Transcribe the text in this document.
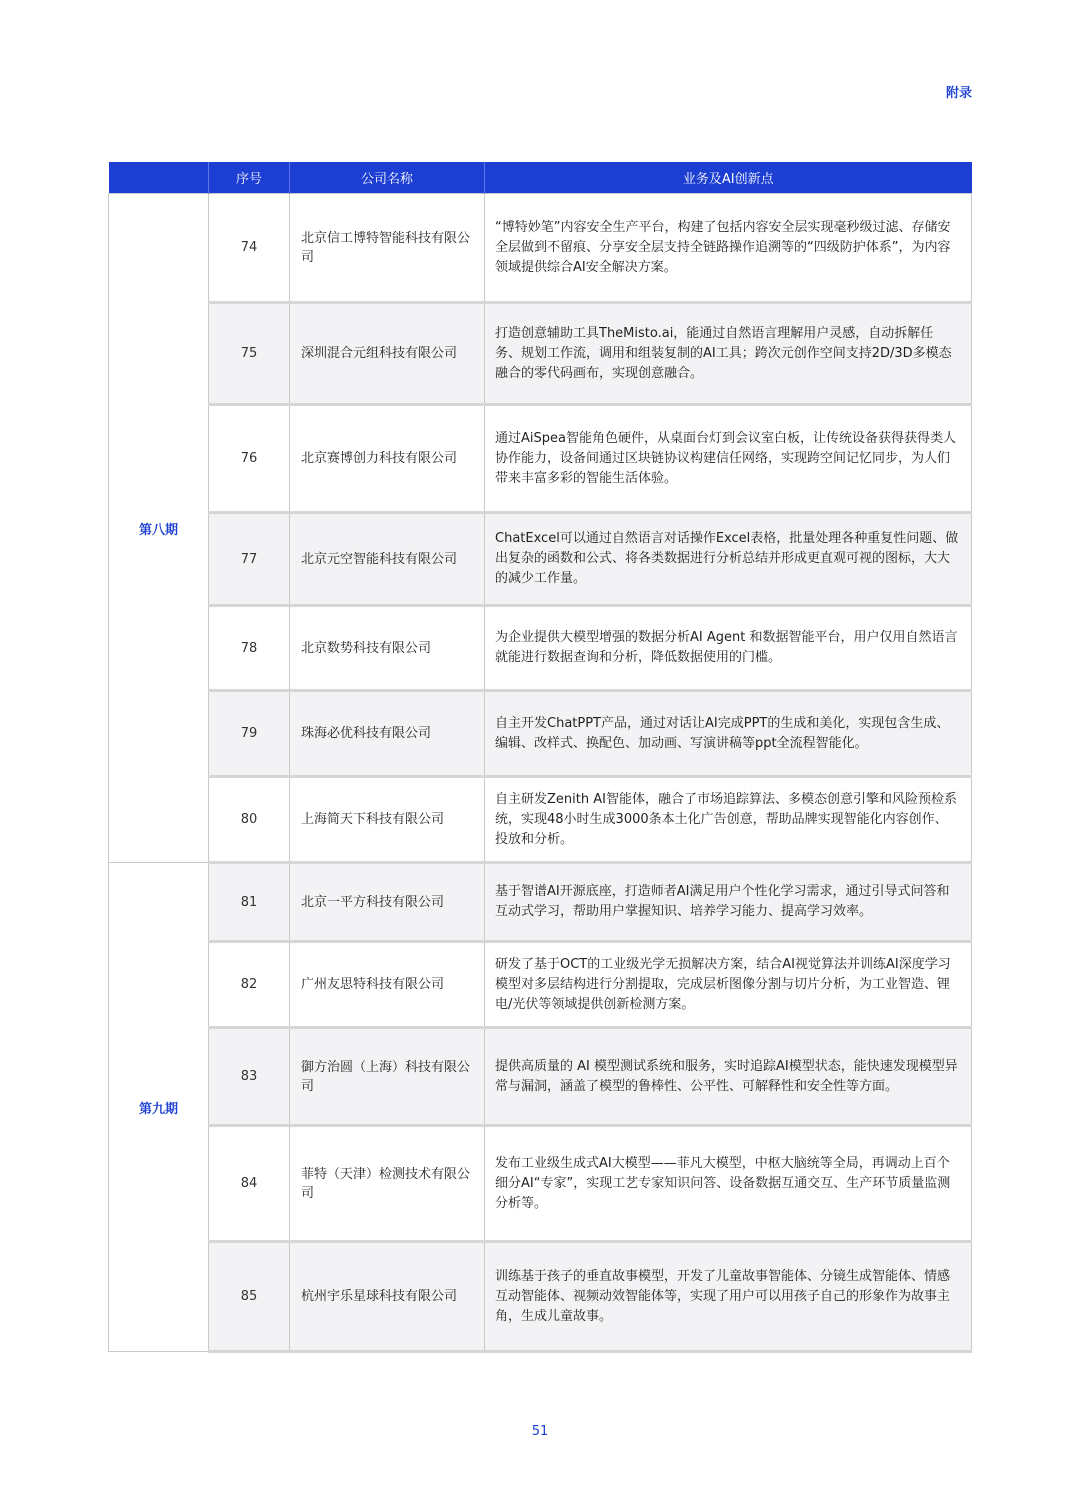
附录
	序号	公司名称	业务及AI创新点
第八期	74	北京信工博特智能科技有限公司	“博特妙笔”内容安全生产平台，构建了包括内容安全层实现毫秒级过滤、存储安全层做到不留痕、分享安全层支持全链路操作追溯等的“四级防护体系”，为内容领域提供综合AI安全解决方案。
	75	深圳混合元组科技有限公司	打造创意辅助工具TheMisto.ai，能通过自然语言理解用户灵感，自动拆解任务、规划工作流，调用和组装复制的AI工具；跨次元创作空间支持2D/3D多模态融合的零代码画布，实现创意融合。
	76	北京赛博创力科技有限公司	通过AiSpea智能角色硬件，从桌面台灯到会议室白板，让传统设备获得获得类人协作能力，设备间通过区块链协议构建信任网络，实现跨空间记忆同步，为人们带来丰富多彩的智能生活体验。
	77	北京元空智能科技有限公司	ChatExcel可以通过自然语言对话操作Excel表格，批量处理各种重复性问题、做出复杂的函数和公式、将各类数据进行分析总结并形成更直观可视的图标，大大的减少工作量。
	78	北京数势科技有限公司	为企业提供大模型增强的数据分析AI Agent 和数据智能平台，用户仅用自然语言就能进行数据查询和分析，降低数据使用的门槛。
	79	珠海必优科技有限公司	自主开发ChatPPT产品，通过对话让AI完成PPT的生成和美化，实现包含生成、编辑、改样式、换配色、加动画、写演讲稿等ppt全流程智能化。
	80	上海简天下科技有限公司	自主研发Zenith AI智能体，融合了市场追踪算法、多模态创意引擎和风险预检系统，实现48小时生成3000条本土化广告创意，帮助品牌实现智能化内容创作、投放和分析。
第九期	81	北京一平方科技有限公司	基于智谱AI开源底座，打造师者AI满足用户个性化学习需求，通过引导式问答和互动式学习，帮助用户掌握知识、培养学习能力、提高学习效率。
	82	广州友思特科技有限公司	研发了基于OCT的工业级光学无损解决方案，结合AI视觉算法并训练AI深度学习模型对多层结构进行分割提取，完成层析图像分割与切片分析，为工业智造、锂电/光伏等领域提供创新检测方案。
	83	御方治圆（上海）科技有限公司	提供高质量的 AI 模型测试系统和服务，实时追踪AI模型状态，能快速发现模型异常与漏洞，涵盖了模型的鲁棒性、公平性、可解释性和安全性等方面。
	84	菲特（天津）检测技术有限公司	发布工业级生成式AI大模型——菲凡大模型，中枢大脑统等全局，再调动上百个细分AI“专家”，实现工艺专家知识问答、设备数据互通交互、生产环节质量监测分析等。
	85	杭州宇乐星球科技有限公司	训练基于孩子的垂直故事模型，开发了儿童故事智能体、分镜生成智能体、情感互动智能体、视频动效智能体等，实现了用户可以用孩子自己的形象作为故事主角，生成儿童故事。
51
